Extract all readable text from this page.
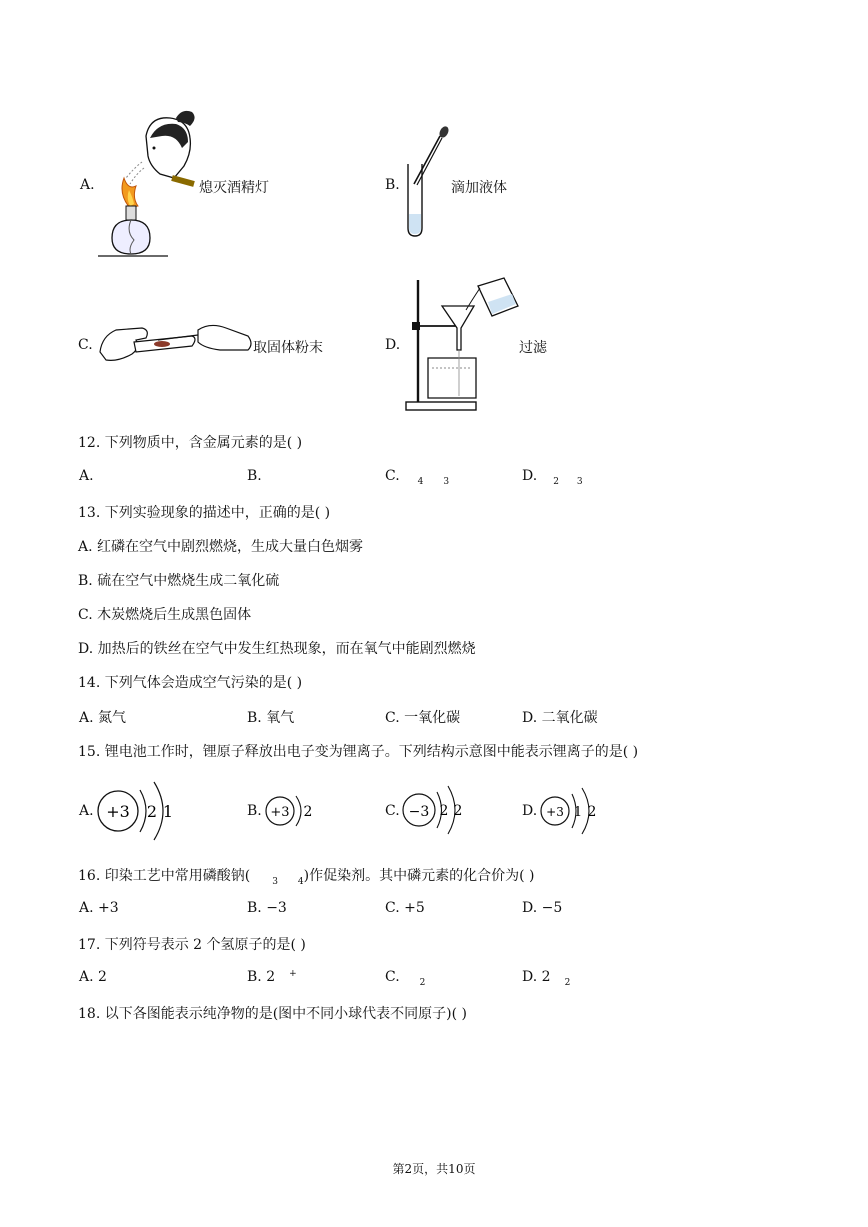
A.	熄灭酒精灯	B.	滴加液体
C.	取固体粉末	D.	过滤
12. 下列物质中，含金属元素的是( )
A.	B.	C. $_4$ $_3$	D. $_2$ $_3$
13. 下列实验现象的描述中，正确的是( )
A. 红磷在空气中剧烈燃烧，生成大量白色烟雾
B. 硫在空气中燃烧生成二氧化硫
C. 木炭燃烧后生成黑色固体
D. 加热后的铁丝在空气中发生红热现象，而在氧气中能剧烈燃烧
14. 下列气体会造成空气污染的是( )
A. 氮气	B. 氧气	C. 一氧化碳	D. 二氧化碳
15. 锂电池工作时，锂原子释放出电子变为锂离子。下列结构示意图中能表示锂离子的是( )
A. +3 2 1	B. +3 2	C. −3 2 2	D. +3 1 2
16. 印染工艺中常用磷酸钠( $_3$ $_4$)作促染剂。其中磷元素的化合价为( )
A. +3	B. −3	C. +5	D. −5
17. 下列符号表示 2 个氢原子的是( )
A. 2	B. 2 +	C. $_2$	D. 2 $_2$
18. 以下各图能表示纯净物的是(图中不同小球代表不同原子)( )
第2页，共10页
